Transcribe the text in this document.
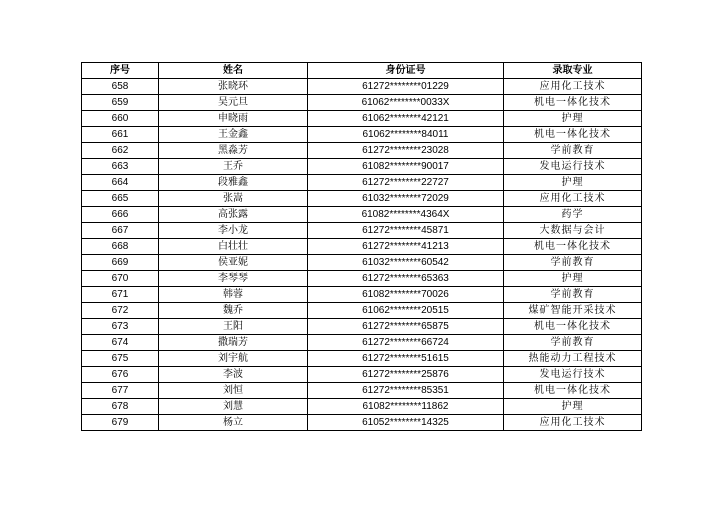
序号	姓名	身份证号	录取专业
658	张晓环	61272********01229	应用化工技术
659	吴元旦	61062********0033X	机电一体化技术
660	申晓雨	61062********42121	护理
661	王金鑫	61062********84011	机电一体化技术
662	黑淼芳	61272********23028	学前教育
663	王乔	61082********90017	发电运行技术
664	段雅鑫	61272********22727	护理
665	张嵩	61032********72029	应用化工技术
666	高张露	61082********4364X	药学
667	李小龙	61272********45871	大数据与会计
668	白壮壮	61272********41213	机电一体化技术
669	侯亚妮	61032********60542	学前教育
670	李琴琴	61272********65363	护理
671	韩蓉	61082********70026	学前教育
672	魏乔	61062********20515	煤矿智能开采技术
673	王阳	61272********65875	机电一体化技术
674	撒瑞芳	61272********66724	学前教育
675	刘宇航	61272********51615	热能动力工程技术
676	李波	61272********25876	发电运行技术
677	刘恒	61272********85351	机电一体化技术
678	刘慧	61082********11862	护理
679	杨立	61052********14325	应用化工技术
